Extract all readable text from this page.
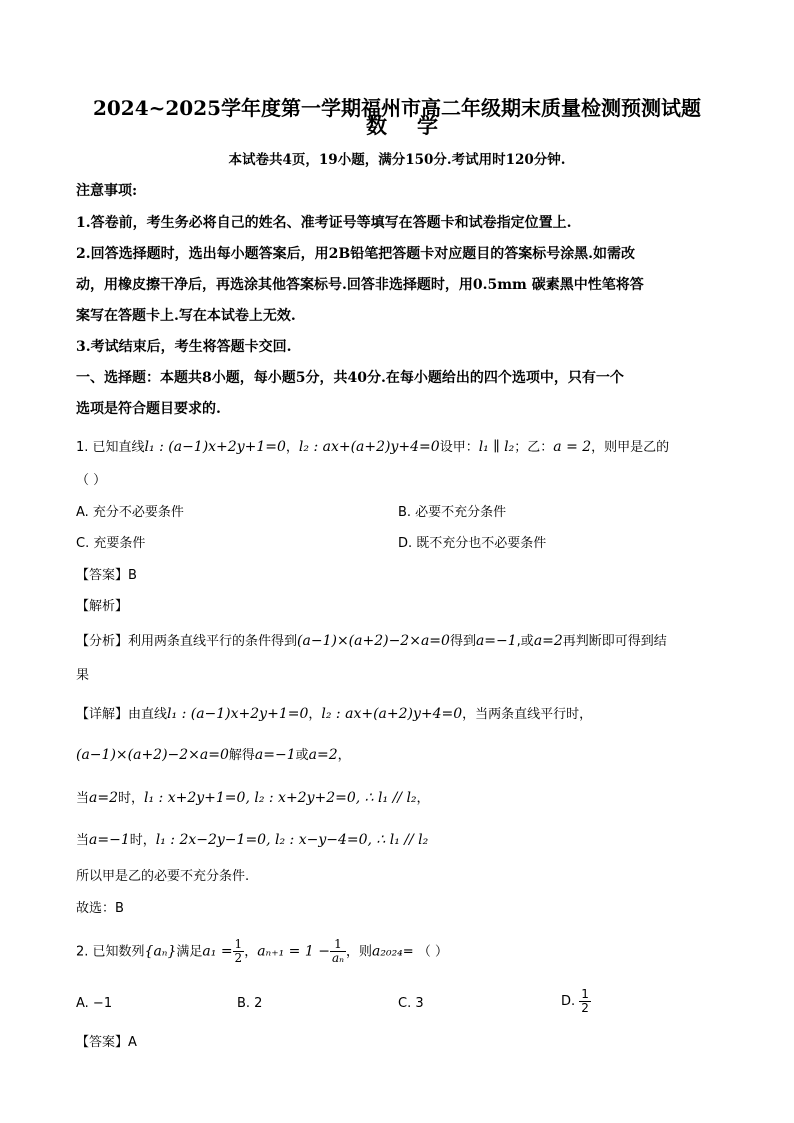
2024~2025学年度第一学期福州市高二年级期末质量检测预测试题
数学
本试卷共4页，19小题，满分150分.考试用时120分钟.
注意事项:
1.答卷前，考生务必将自己的姓名、准考证号等填写在答题卡和试卷指定位置上.
2.回答选择题时，选出每小题答案后，用2B铅笔把答题卡对应题目的答案标号涂黑.如需改
动，用橡皮擦干净后，再选涂其他答案标号.回答非选择题时，用0.5mm 碳素黑中性笔将答
案写在答题卡上.写在本试卷上无效.
3.考试结束后，考生将答题卡交回.
一、选择题：本题共8小题，每小题5分，共40分.在每小题给出的四个选项中，只有一个
选项是符合题目要求的.
1. 已知直线l₁ : (a−1)x+2y+1=0，l₂ : ax+(a+2)y+4=0设甲：l₁ ∥ l₂；乙：a = 2，则甲是乙的
（ ）
A. 充分不必要条件	B. 必要不充分条件
C. 充要条件	D. 既不充分也不必要条件
【答案】B
【解析】
【分析】利用两条直线平行的条件得到(a−1)×(a+2)−2×a=0得到a=−1,或a=2再判断即可得到结
果
【详解】由直线l₁ : (a−1)x+2y+1=0，l₂ : ax+(a+2)y+4=0，当两条直线平行时，
(a−1)×(a+2)−2×a=0解得a=−1或a=2，
当a=2时，l₁ : x+2y+1=0, l₂ : x+2y+2=0, ∴ l₁ // l₂，
当a=−1时，l₁ : 2x−2y−1=0, l₂ : x−y−4=0, ∴ l₁ // l₂
所以甲是乙的必要不充分条件.
故选：B
2. 已知数列{aₙ}满足$a_1 = \frac{1}{2}$ ，$a_{n+1} = 1 - \frac{1}{\text{aₙ}}$ ，则a₂₀₂₄= （ ）
A. −1	B. 2	C. 3	D. $\frac{1}{2}$
【答案】A
